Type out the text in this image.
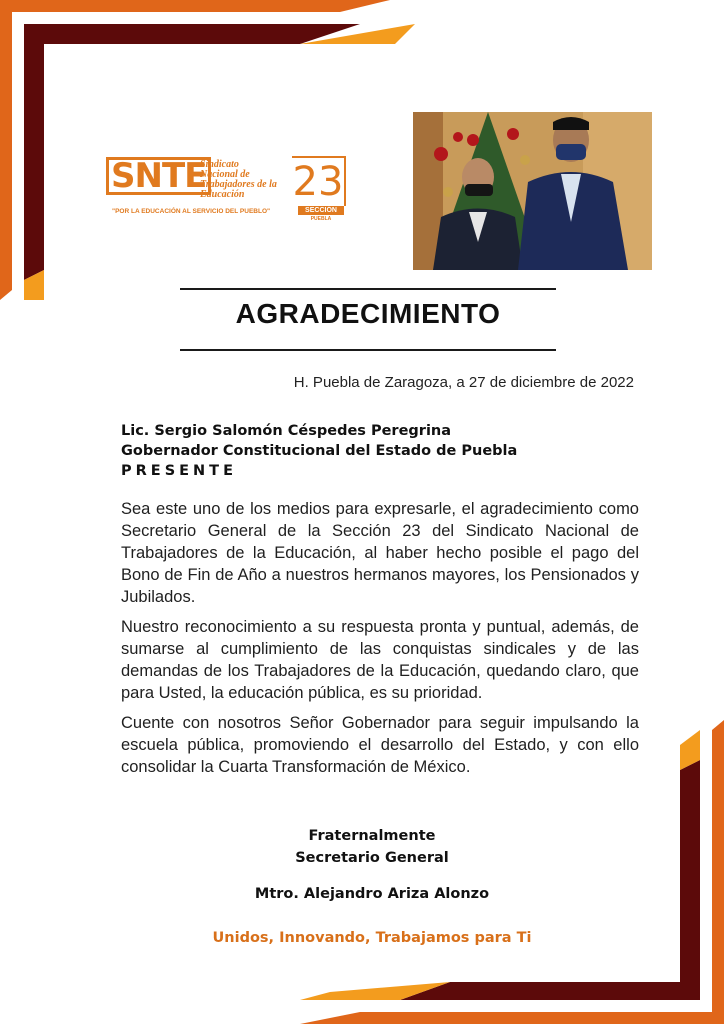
SNTE
Sindicato
Nacional de
Trabajadores de la
Educación
"POR LA EDUCACIÓN AL SERVICIO DEL PUEBLO"
23
SECCIÓN
PUEBLA
AGRADECIMIENTO
H. Puebla de Zaragoza, a 27 de diciembre de 2022
Lic. Sergio Salomón Céspedes Peregrina
Gobernador Constitucional del Estado de Puebla
PRESENTE

Sea este uno de los medios para expresarle, el agradecimiento como Secretario General de la Sección 23 del Sindicato Nacional de Trabajadores de la Educación, al haber hecho posible el pago del Bono de Fin de Año a nuestros hermanos mayores, los Pensionados y Jubilados.

Nuestro reconocimiento a su respuesta pronta y puntual, además, de sumarse al cumplimiento de las conquistas sindicales y de las demandas de los Trabajadores de la Educación, quedando claro, que para Usted, la educación pública, es su prioridad.

Cuente con nosotros Señor Gobernador para seguir impulsando la escuela pública, promoviendo el desarrollo del Estado, y con ello consolidar la Cuarta Transformación de México.

Fraternalmente
Secretario General
Mtro. Alejandro Ariza Alonzo
Unidos, Innovando, Trabajamos para Ti
